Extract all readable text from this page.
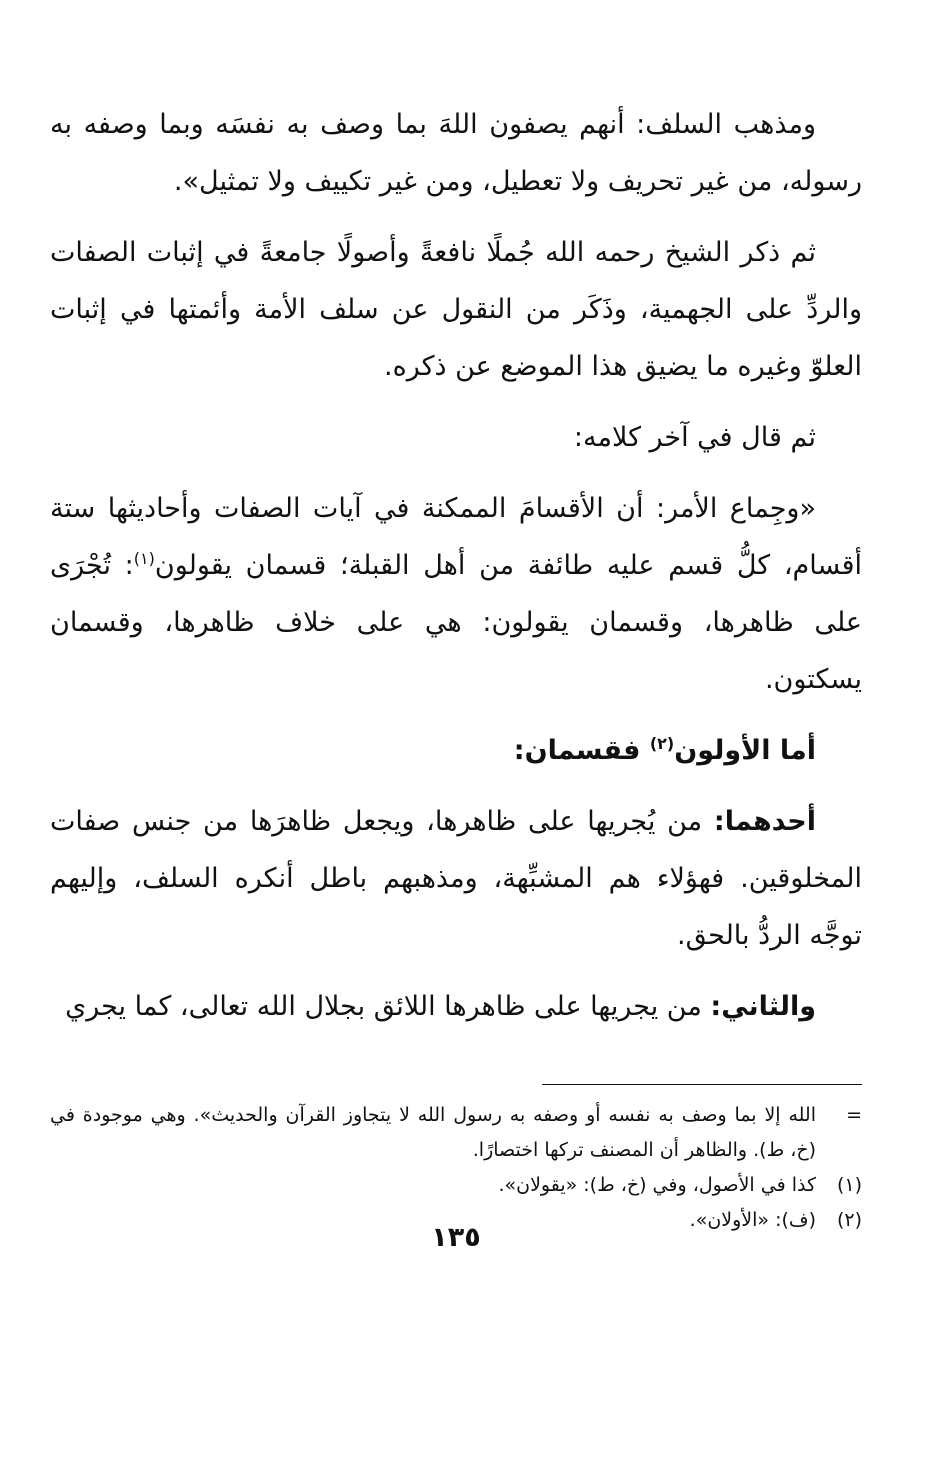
ومذهب السلف: أنهم يصفون اللهَ بما وصف به نفسَه وبما وصفه به رسوله، من غير تحريف ولا تعطيل، ومن غير تكييف ولا تمثيل».

ثم ذكر الشيخ رحمه الله جُملًا نافعةً وأصولًا جامعةً في إثبات الصفات والردِّ على الجهمية، وذَكَر من النقول عن سلف الأمة وأئمتها في إثبات العلوّ وغيره ما يضيق هذا الموضع عن ذكره.

ثم قال في آخر كلامه:

«وجِماع الأمر: أن الأقسامَ الممكنة في آيات الصفات وأحاديثها ستة أقسام، كلُّ قسم عليه طائفة من أهل القبلة؛ قسمان يقولون$^{(١)}$: تُجْرَى على ظاهرها، وقسمان يقولون: هي على خلاف ظاهرها، وقسمان يسكتون.

أما الأولون$^{(٢)}$ فقسمان:

أحدهما: من يُجريها على ظاهرها، ويجعل ظاهرَها من جنس صفات المخلوقين. فهؤلاء هم المشبِّهة، ومذهبهم باطل أنكره السلف، وإليهم توجَّه الردُّ بالحق.

والثاني: من يجريها على ظاهرها اللائق بجلال الله تعالى، كما يجري

=
الله إلا بما وصف به نفسه أو وصفه به رسول الله لا يتجاوز القرآن والحديث». وهي موجودة في (خ، ط). والظاهر أن المصنف تركها اختصارًا.
(١)
كذا في الأصول، وفي (خ، ط): «يقولان».
(٢)
(ف): «الأولان».
١٣٥
